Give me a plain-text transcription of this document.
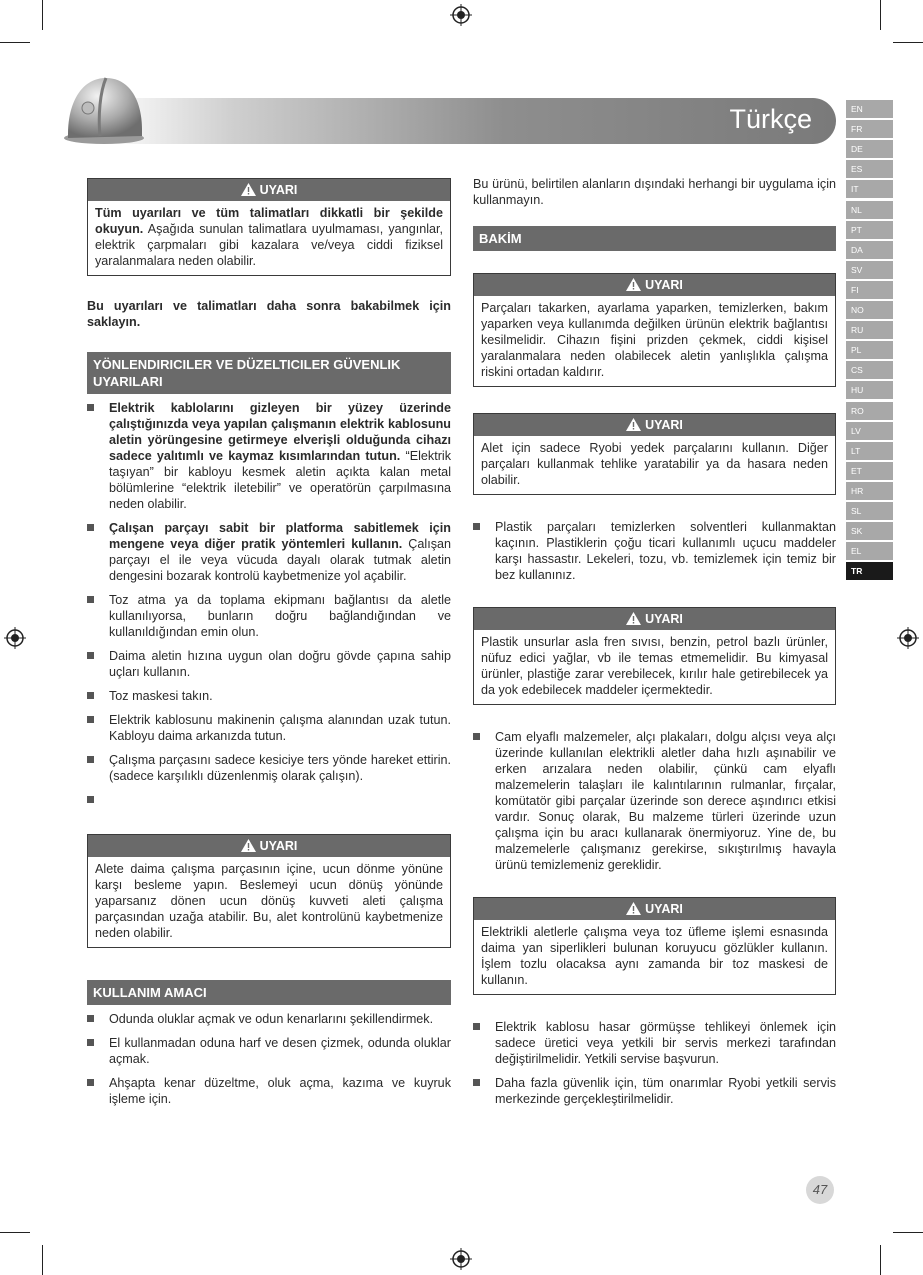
Türkçe	EN
FR
DE
ES
IT
NL
PT
DA
SV
FI
NO
RU
PL
CS
HU
RO
LV
LT
ET
HR
SL
SK
EL
TR
UYARI
Tüm uyarıları ve tüm talimatları dikkatli bir şekilde okuyun. Aşağıda sunulan talimatlara uyulmaması, yangınlar, elektrik çarpmaları gibi kazalara ve/veya ciddi fiziksel yaralanmalara neden olabilir.

Bu uyarıları ve talimatları daha sonra bakabilmek için saklayın.

YÖNLENDIRICILER VE DÜZELTICILER GÜVENLIK UYARILARI
Elektrik kablolarını gizleyen bir yüzey üzerinde çalıştığınızda veya yapılan çalışmanın elektrik kablosunu aletin yörüngesine getirmeye elverişli olduğunda cihazı sadece yalıtımlı ve kaymaz kısımlarından tutun. “Elektrik taşıyan” bir kabloyu kesmek aletin açıkta kalan metal bölümlerine “elektrik iletebilir” ve operatörün çarpılmasına neden olabilir.
Çalışan parçayı sabit bir platforma sabitlemek için mengene veya diğer pratik yöntemleri kullanın. Çalışan parçayı el ile veya vücuda dayalı olarak tutmak aletin dengesini bozarak kontrolü kaybetmenize yol açabilir.
Toz atma ya da toplama ekipmanı bağlantısı da aletle kullanılıyorsa, bunların doğru bağlandığından ve kullanıldığından emin olun.
Daima aletin hızına uygun olan doğru gövde çapına sahip uçları kullanın.
Toz maskesi takın.
Elektrik kablosunu makinenin çalışma alanından uzak tutun. Kabloyu daima arkanızda tutun.
Çalışma parçasını sadece kesiciye ters yönde hareket ettirin. (sadece karşılıklı düzenlenmiş olarak çalışın).
UYARI
Alete daima çalışma parçasının içine, ucun dönme yönüne karşı besleme yapın. Beslemeyi ucun dönüş yönünde yaparsanız dönen ucun dönüş kuvveti aleti çalışma parçasından uzağa atabilir. Bu, alet kontrolünü kaybetmenize neden olabilir.
KULLANIM AMACI
Odunda oluklar açmak ve odun kenarlarını şekillendirmek.
El kullanmadan oduna harf ve desen çizmek, odunda oluklar açmak.
Ahşapta kenar düzeltme, oluk açma, kazıma ve kuyruk işleme için.

Bu ürünü, belirtilen alanların dışındaki herhangi bir uygulama için kullanmayın.

BAKİM
UYARI
Parçaları takarken, ayarlama yaparken, temizlerken, bakım yaparken veya kullanımda değilken ürünün elektrik bağlantısı kesilmelidir. Cihazın fişini prizden çekmek, ciddi kişisel yaralanmalara neden olabilecek aletin yanlışlıkla çalışma riskini ortadan kaldırır.
UYARI
Alet için sadece Ryobi yedek parçalarını kullanın. Diğer parçaları kullanmak tehlike yaratabilir ya da hasara neden olabilir.
Plastik parçaları temizlerken solventleri kullanmaktan kaçının. Plastiklerin çoğu ticari kullanımlı uçucu maddeler karşı hassastır. Lekeleri, tozu, vb. temizlemek için temiz bir bez kullanınız.
UYARI
Plastik unsurlar asla fren sıvısı, benzin, petrol bazlı ürünler, nüfuz edici yağlar, vb ile temas etmemelidir. Bu kimyasal ürünler, plastiğe zarar verebilecek, kırılır hale getirebilecek ya da yok edebilecek maddeler içermektedir.
Cam elyaflı malzemeler, alçı plakaları, dolgu alçısı veya alçı üzerinde kullanılan elektrikli aletler daha hızlı aşınabilir ve erken arızalara neden olabilir, çünkü cam elyaflı malzemelerin talaşları ile kalıntılarının rulmanlar, fırçalar, komütatör gibi parçalar üzerinde son derece aşındırıcı etkisi vardır. Sonuç olarak, Bu malzeme türleri üzerinde uzun çalışma için bu aracı kullanarak önermiyoruz. Yine de, bu malzemelerle çalışmanız gerekirse, sıkıştırılmış havayla ürünü temizlemeniz gereklidir.
UYARI
Elektrikli aletlerle çalışma veya toz üfleme işlemi esnasında daima yan siperlikleri bulunan koruyucu gözlükler kullanın. İşlem tozlu olacaksa aynı zamanda bir toz maskesi de kullanın.
Elektrik kablosu hasar görmüşse tehlikeyi önlemek için sadece üretici veya yetkili bir servis merkezi tarafından değiştirilmelidir. Yetkili servise başvurun.
Daha fazla güvenlik için, tüm onarımlar Ryobi yetkili servis merkezinde gerçekleştirilmelidir.
47
